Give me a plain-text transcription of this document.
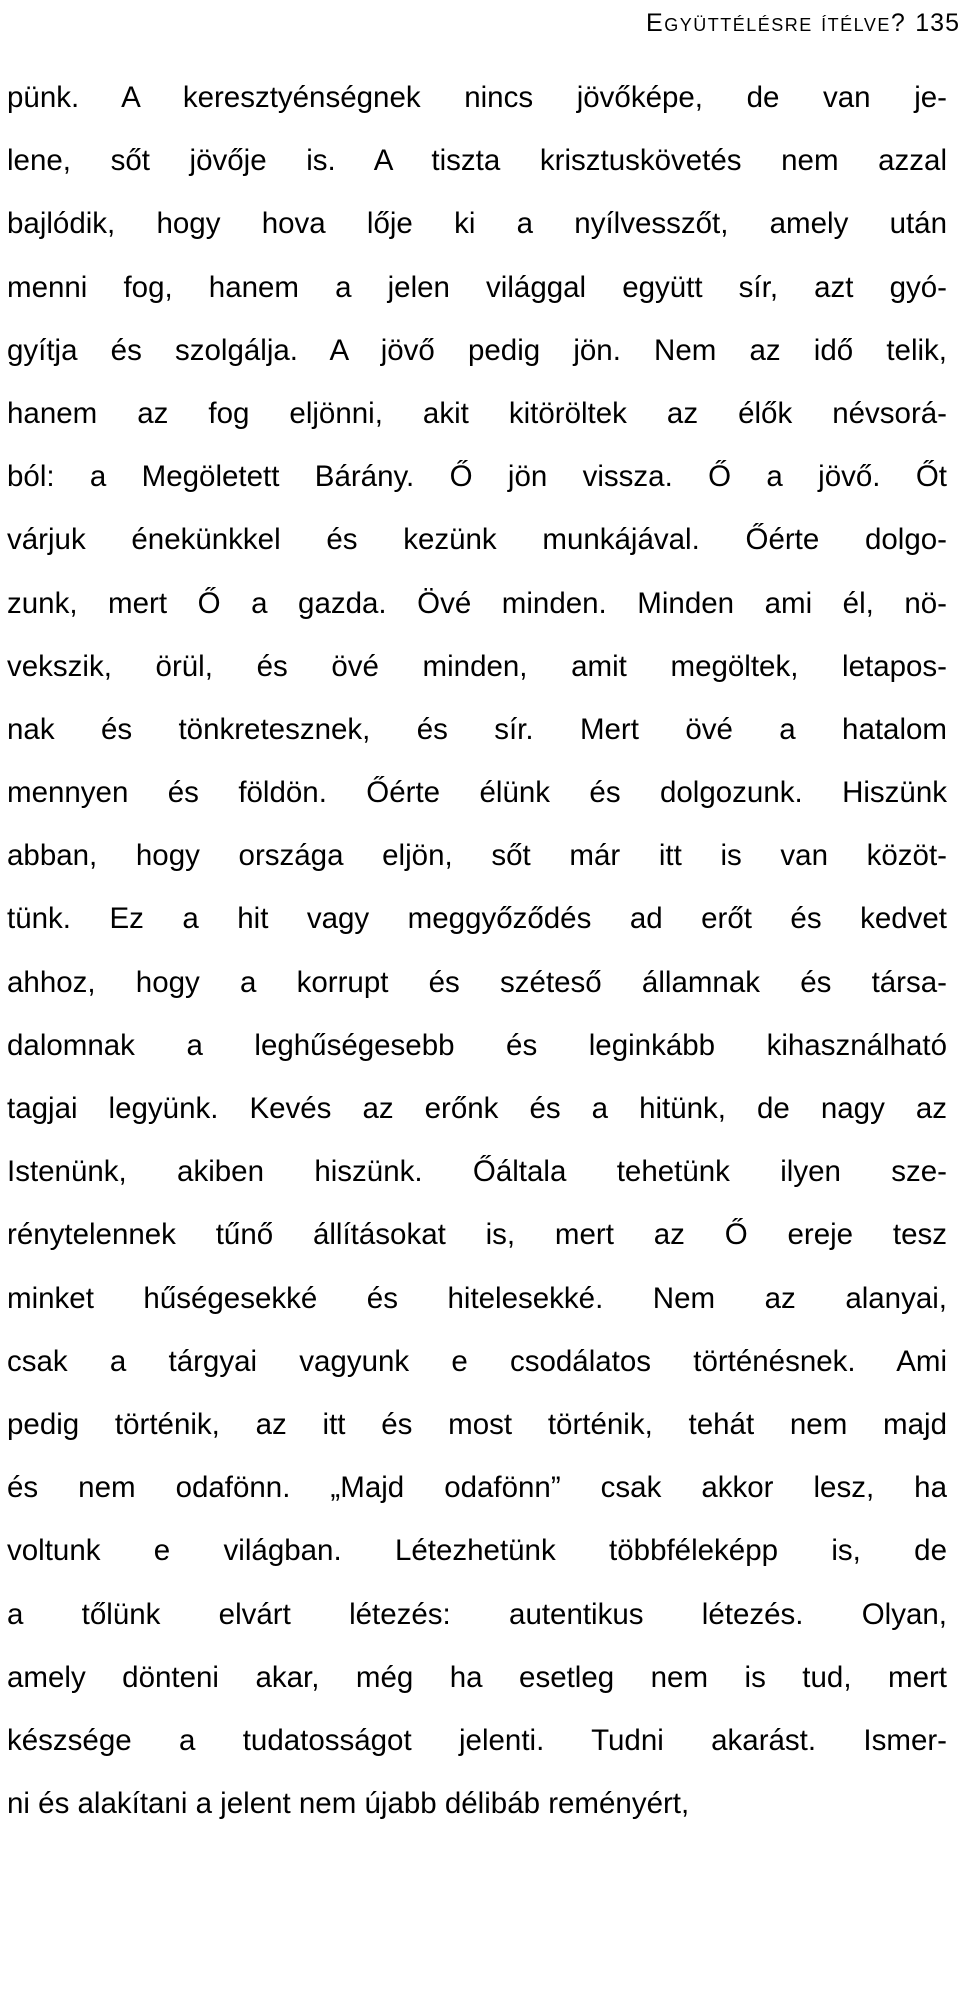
Együttélésre ítélve? 135
pünk. A keresztyénségnek nincs jövőképe, de van je-
lene, sőt jövője is. A tiszta krisztuskövetés nem azzal
bajlódik, hogy hova lője ki a nyílvesszőt, amely után
menni fog, hanem a jelen világgal együtt sír, azt gyó-
gyítja és szolgálja. A jövő pedig jön. Nem az idő telik,
hanem az fog eljönni, akit kitöröltek az élők névsorá-
ból: a Megöletett Bárány. Ő jön vissza. Ő a jövő. Őt
várjuk énekünkkel és kezünk munkájával. Őérte dolgo-
zunk, mert Ő a gazda. Övé minden. Minden ami él, nö-
vekszik, örül, és övé minden, amit megöltek, letapos-
nak és tönkretesznek, és sír. Mert övé a hatalom
mennyen és földön. Őérte élünk és dolgozunk. Hiszünk
abban, hogy országa eljön, sőt már itt is van közöt-
tünk. Ez a hit vagy meggyőződés ad erőt és kedvet
ahhoz, hogy a korrupt és széteső államnak és társa-
dalomnak a leghűségesebb és leginkább kihasználható
tagjai legyünk. Kevés az erőnk és a hitünk, de nagy az
Istenünk, akiben hiszünk. Őáltala tehetünk ilyen sze-
rénytelennek tűnő állításokat is, mert az Ő ereje tesz
minket hűségesekké és hitelesekké. Nem az alanyai,
csak a tárgyai vagyunk e csodálatos történésnek. Ami
pedig történik, az itt és most történik, tehát nem majd
és nem odafönn. „Majd odafönn” csak akkor lesz, ha
voltunk e világban. Létezhetünk többféleképp is, de
a tőlünk elvárt létezés: autentikus létezés. Olyan,
amely dönteni akar, még ha esetleg nem is tud, mert
készsége a tudatosságot jelenti. Tudni akarást. Ismer-
ni és alakítani a jelent nem újabb délibáb reményért,
